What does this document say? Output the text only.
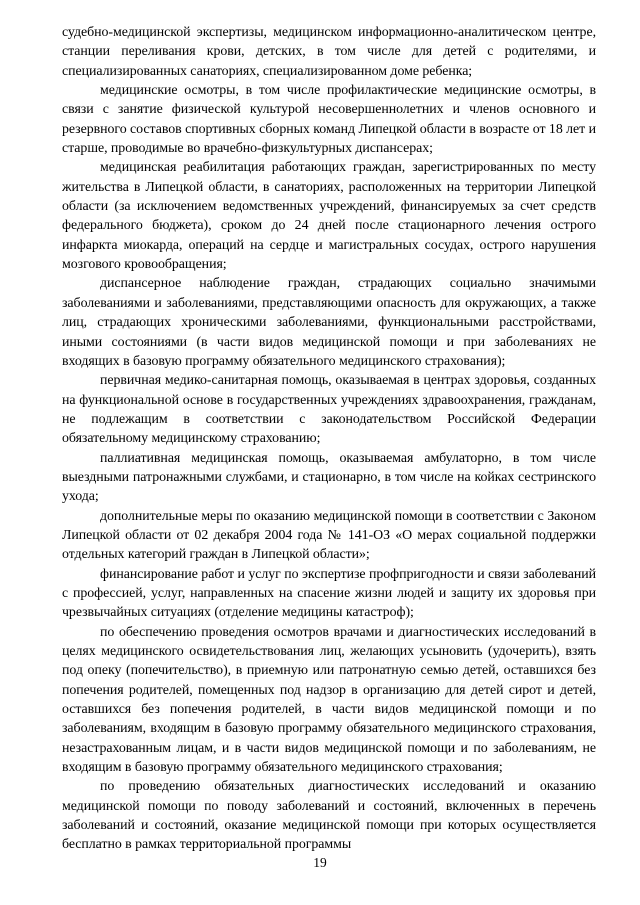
судебно-медицинской экспертизы, медицинском информационно-аналитическом центре, станции переливания крови, детских, в том числе для детей с родителями, и специализированных санаториях, специализированном доме ребенка;

медицинские осмотры, в том числе профилактические медицинские осмотры, в связи с занятие физической культурой несовершеннолетних и членов основного и резервного составов спортивных сборных команд Липецкой области в возрасте от 18 лет и старше, проводимые во врачебно-физкультурных диспансерах;

медицинская реабилитация работающих граждан, зарегистрированных по месту жительства в Липецкой области, в санаториях, расположенных на территории Липецкой области (за исключением ведомственных учреждений, финансируемых за счет средств федерального бюджета), сроком до 24 дней после стационарного лечения острого инфаркта миокарда, операций на сердце и магистральных сосудах, острого нарушения мозгового кровообращения;

диспансерное наблюдение граждан, страдающих социально значимыми заболеваниями и заболеваниями, представляющими опасность для окружающих, а также лиц, страдающих хроническими заболеваниями, функциональными расстройствами, иными состояниями (в части видов медицинской помощи и при заболеваниях не входящих в базовую программу обязательного медицинского страхования);

первичная медико-санитарная помощь, оказываемая в центрах здоровья, созданных на функциональной основе в государственных учреждениях здравоохранения, гражданам, не подлежащим в соответствии с законодательством Российской Федерации обязательному медицинскому страхованию;

паллиативная медицинская помощь, оказываемая амбулаторно, в том числе выездными патронажными службами, и стационарно, в том числе на койках сестринского ухода;

дополнительные меры по оказанию медицинской помощи в соответствии с Законом Липецкой области от 02 декабря 2004 года № 141-ОЗ «О мерах социальной поддержки отдельных категорий граждан в Липецкой области»;

финансирование работ и услуг по экспертизе профпригодности и связи заболеваний с профессией, услуг, направленных на спасение жизни людей и защиту их здоровья при чрезвычайных ситуациях (отделение медицины катастроф);

по обеспечению проведения осмотров врачами и диагностических исследований в целях медицинского освидетельствования лиц, желающих усыновить (удочерить), взять под опеку (попечительство), в приемную или патронатную семью детей, оставшихся без попечения родителей, помещенных под надзор в организацию для детей сирот и детей, оставшихся без попечения родителей, в части видов медицинской помощи и по заболеваниям, входящим в базовую программу обязательного медицинского страхования, незастрахованным лицам, и в части видов медицинской помощи и по заболеваниям, не входящим в базовую программу обязательного медицинского страхования;

по проведению обязательных диагностических исследований и оказанию медицинской помощи по поводу заболеваний и состояний, включенных в перечень заболеваний и состояний, оказание медицинской помощи при которых осуществляется бесплатно в рамках территориальной программы

19
